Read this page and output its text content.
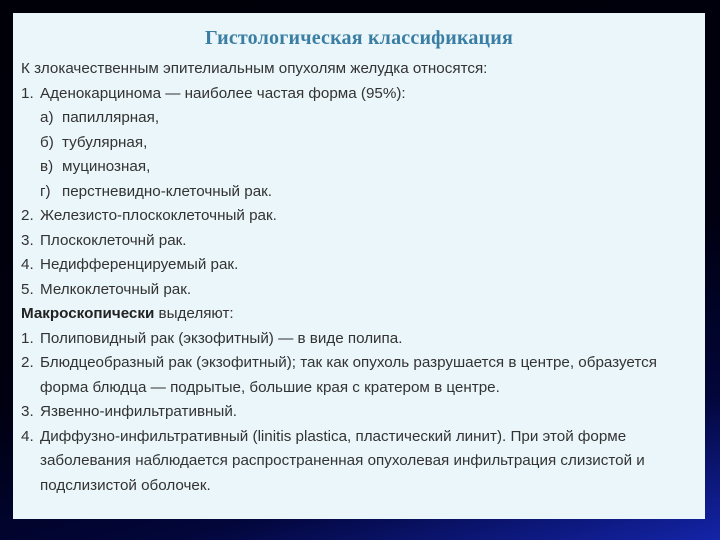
Гистологическая классификация
К злокачественным эпителиальным опухолям желудка относятся:
1. Аденокарцинома — наиболее частая форма (95%):
а) папиллярная,
б) тубулярная,
в) муцинозная,
г) перстневидно-клеточный рак.
2. Железисто-плоскоклеточный рак.
3. Плоскоклеточнй рак.
4. Недифференцируемый рак.
5. Мелкоклеточный рак.
Макроскопически выделяют:
1. Полиповидный рак (экзофитный) — в виде полипа.
2. Блюдцеобразный рак (экзофитный); так как опухоль разрушается в центре, образуется форма блюдца — подрытые, большие края с кратером в центре.
3. Язвенно-инфильтративный.
4. Диффузно-инфильтративный (linitis plastica, пластический линит). При этой форме заболевания наблюдается распространенная опухолевая инфильтрация слизистой и подслизистой оболочек.
